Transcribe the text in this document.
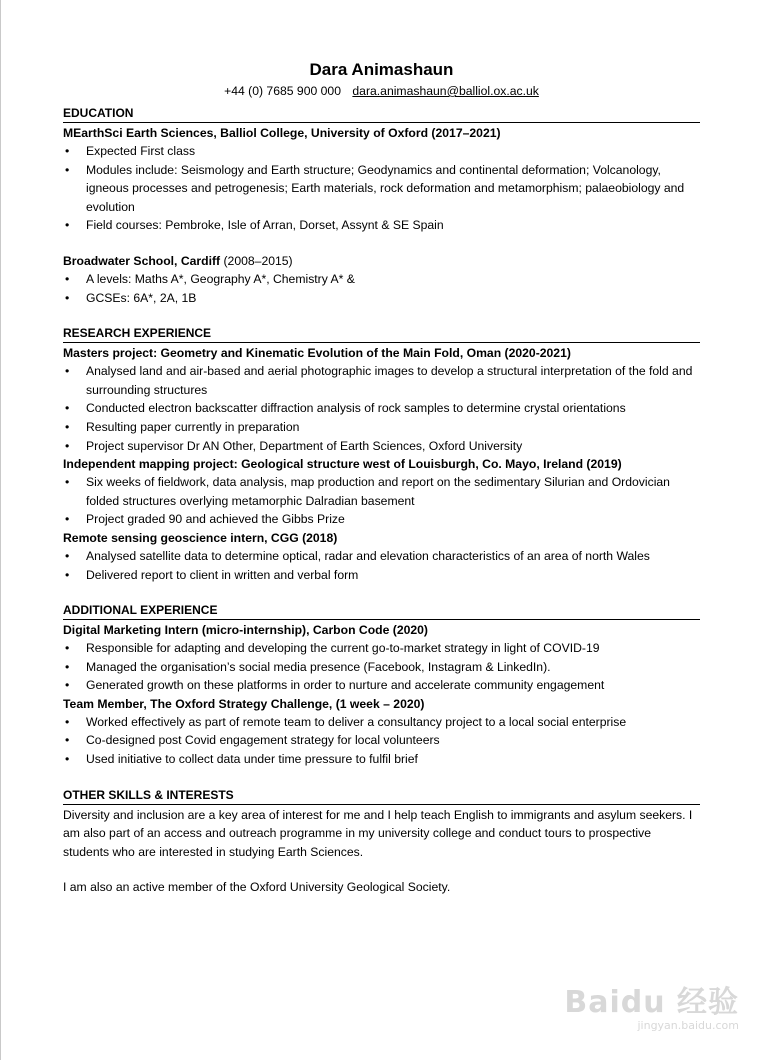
Dara Animashaun
+44 (0) 7685 900 000 dara.animashaun@balliol.ox.ac.uk
EDUCATION
MEarthSci Earth Sciences, Balliol College, University of Oxford (2017–2021)
• Expected First class
• Modules include: Seismology and Earth structure; Geodynamics and continental deformation; Volcanology, igneous processes and petrogenesis; Earth materials, rock deformation and metamorphism; palaeobiology and evolution
• Field courses: Pembroke, Isle of Arran, Dorset, Assynt & SE Spain
Broadwater School, Cardiff (2008–2015)
• A levels: Maths A*, Geography A*, Chemistry A* &
• GCSEs: 6A*, 2A, 1B
RESEARCH EXPERIENCE
Masters project: Geometry and Kinematic Evolution of the Main Fold, Oman (2020-2021)
• Analysed land and air-based and aerial photographic images to develop a structural interpretation of the fold and surrounding structures
• Conducted electron backscatter diffraction analysis of rock samples to determine crystal orientations
• Resulting paper currently in preparation
• Project supervisor Dr AN Other, Department of Earth Sciences, Oxford University
Independent mapping project: Geological structure west of Louisburgh, Co. Mayo, Ireland (2019)
• Six weeks of fieldwork, data analysis, map production and report on the sedimentary Silurian and Ordovician folded structures overlying metamorphic Dalradian basement
• Project graded 90 and achieved the Gibbs Prize
Remote sensing geoscience intern, CGG (2018)
• Analysed satellite data to determine optical, radar and elevation characteristics of an area of north Wales
• Delivered report to client in written and verbal form
ADDITIONAL EXPERIENCE
Digital Marketing Intern (micro-internship), Carbon Code (2020)
• Responsible for adapting and developing the current go-to-market strategy in light of COVID-19
• Managed the organisation’s social media presence (Facebook, Instagram & LinkedIn).
• Generated growth on these platforms in order to nurture and accelerate community engagement
Team Member, The Oxford Strategy Challenge, (1 week – 2020)
• Worked effectively as part of remote team to deliver a consultancy project to a local social enterprise
• Co-designed post Covid engagement strategy for local volunteers
• Used initiative to collect data under time pressure to fulfil brief
OTHER SKILLS & INTERESTS

Diversity and inclusion are a key area of interest for me and I help teach English to immigrants and asylum seekers. I am also part of an access and outreach programme in my university college and conduct tours to prospective students who are interested in studying Earth Sciences.

I am also an active member of the Oxford University Geological Society.

Baidu 经验
jingyan.baidu.com
